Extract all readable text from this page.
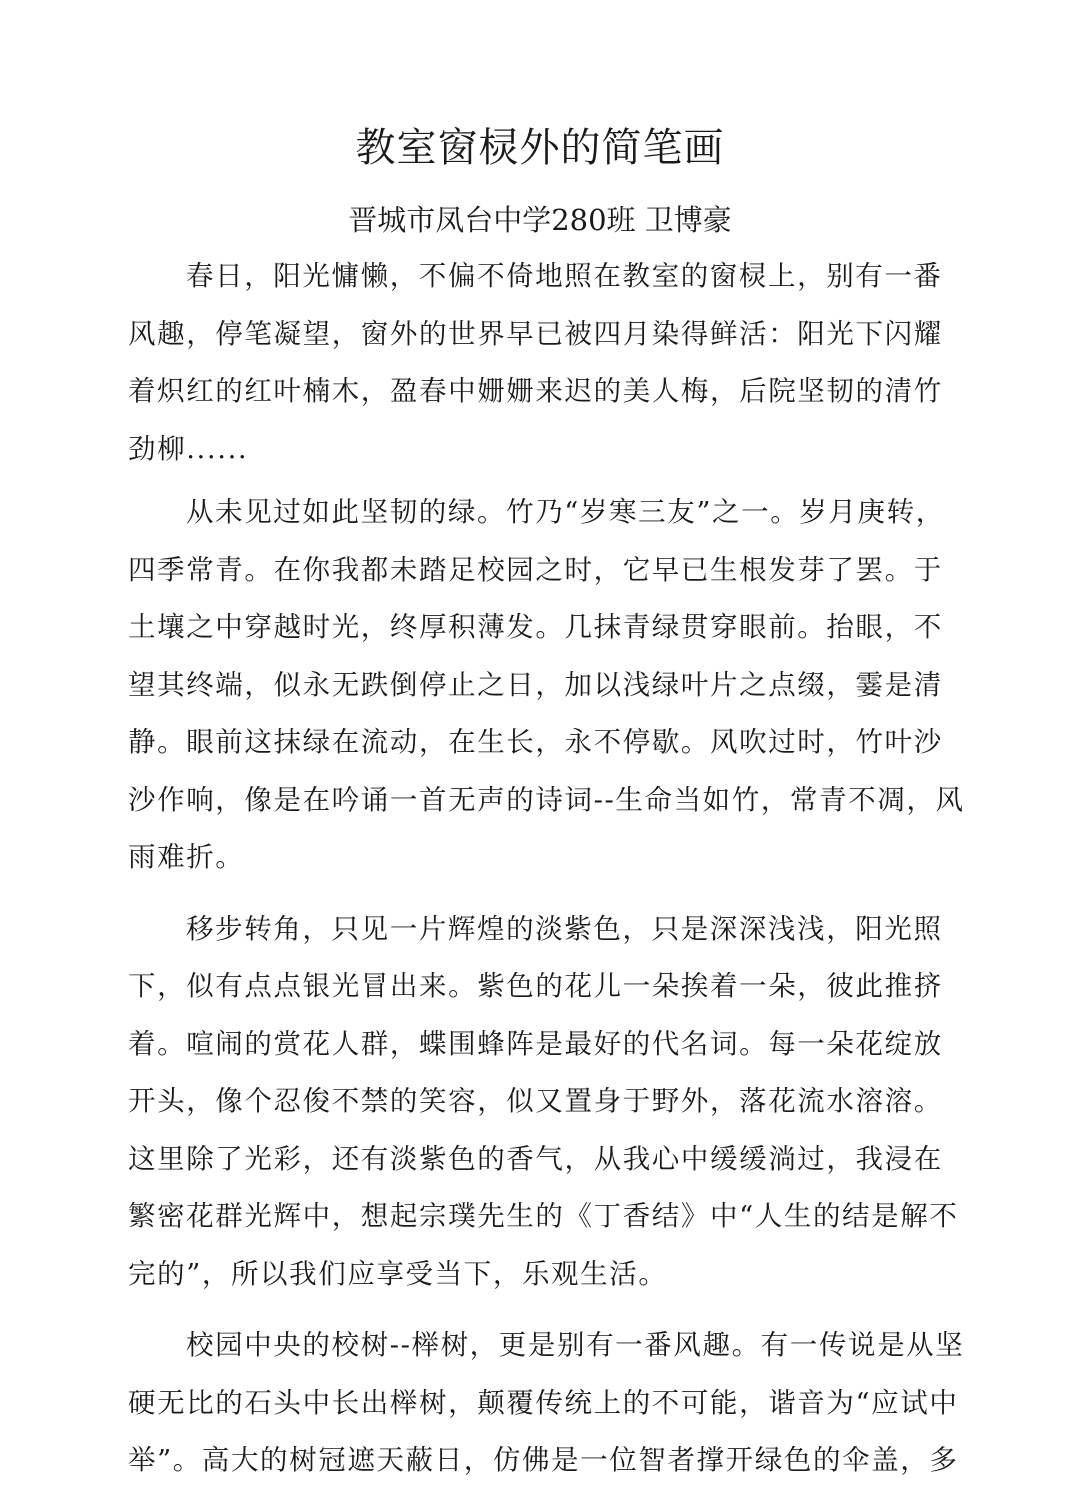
教室窗棂外的简笔画

晋城市凤台中学280班 卫博豪

春日，阳光慵懒，不偏不倚地照在教室的窗棂上，别有一番风趣，停笔凝望，窗外的世界早已被四月染得鲜活：阳光下闪耀着炽红的红叶楠木，盈春中姗姗来迟的美人梅，后院坚韧的清竹劲柳......

从未见过如此坚韧的绿。竹乃“岁寒三友”之一。岁月庚转，四季常青。在你我都未踏足校园之时，它早已生根发芽了罢。于土壤之中穿越时光，终厚积薄发。几抹青绿贯穿眼前。抬眼，不望其终端，似永无跌倒停止之日，加以浅绿叶片之点缀，霎是清静。眼前这抹绿在流动，在生长，永不停歇。风吹过时，竹叶沙沙作响，像是在吟诵一首无声的诗词--生命当如竹，常青不凋，风雨难折。

移步转角，只见一片辉煌的淡紫色，只是深深浅浅，阳光照下，似有点点银光冒出来。紫色的花儿一朵挨着一朵，彼此推挤着。喧闹的赏花人群，蝶围蜂阵是最好的代名词。每一朵花绽放开头，像个忍俊不禁的笑容，似又置身于野外，落花流水溶溶。这里除了光彩，还有淡紫色的香气，从我心中缓缓淌过，我浸在繁密花群光辉中，想起宗璞先生的《丁香结》中“人生的结是解不完的”，所以我们应享受当下，乐观生活。

校园中央的校树--榉树，更是别有一番风趣。有一传说是从坚硬无比的石头中长出榉树，颠覆传统上的不可能，谐音为“应试中举”。高大的树冠遮天蔽日，仿佛是一位智者撑开绿色的伞盖，多
